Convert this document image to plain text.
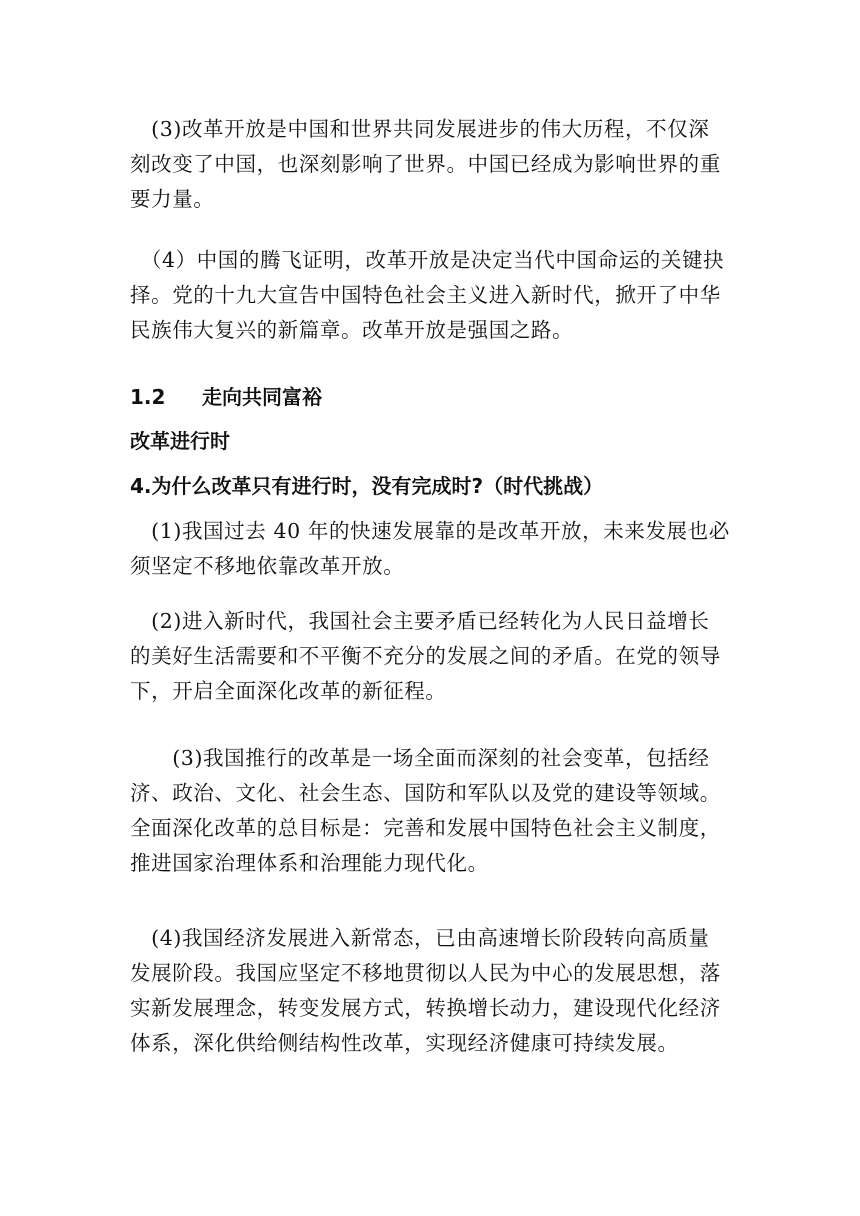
　(3)改革开放是中国和世界共同发展进步的伟大历程，不仅深
刻改变了中国，也深刻影响了世界。中国已经成为影响世界的重
要力量。

　（4）中国的腾飞证明，改革开放是决定当代中国命运的关键抉
择。党的十九大宣告中国特色社会主义进入新时代，掀开了中华
民族伟大复兴的新篇章。改革开放是强国之路。

1.2 走向共同富裕
改革进行时
4.为什么改革只有进行时，没有完成时?（时代挑战）

　(1)我国过去 40 年的快速发展靠的是改革开放，未来发展也必
须坚定不移地依靠改革开放。

　(2)进入新时代，我国社会主要矛盾已经转化为人民日益增长
的美好生活需要和不平衡不充分的发展之间的矛盾。在党的领导
下，开启全面深化改革的新征程。

　　(3)我国推行的改革是一场全面而深刻的社会变革，包括经
济、政治、文化、社会生态、国防和军队以及党的建设等领域。
全面深化改革的总目标是：完善和发展中国特色社会主义制度，
推进国家治理体系和治理能力现代化。

　(4)我国经济发展进入新常态，已由高速增长阶段转向高质量
发展阶段。我国应坚定不移地贯彻以人民为中心的发展思想，落
实新发展理念，转变发展方式，转换增长动力，建设现代化经济
体系，深化供给侧结构性改革，实现经济健康可持续发展。
